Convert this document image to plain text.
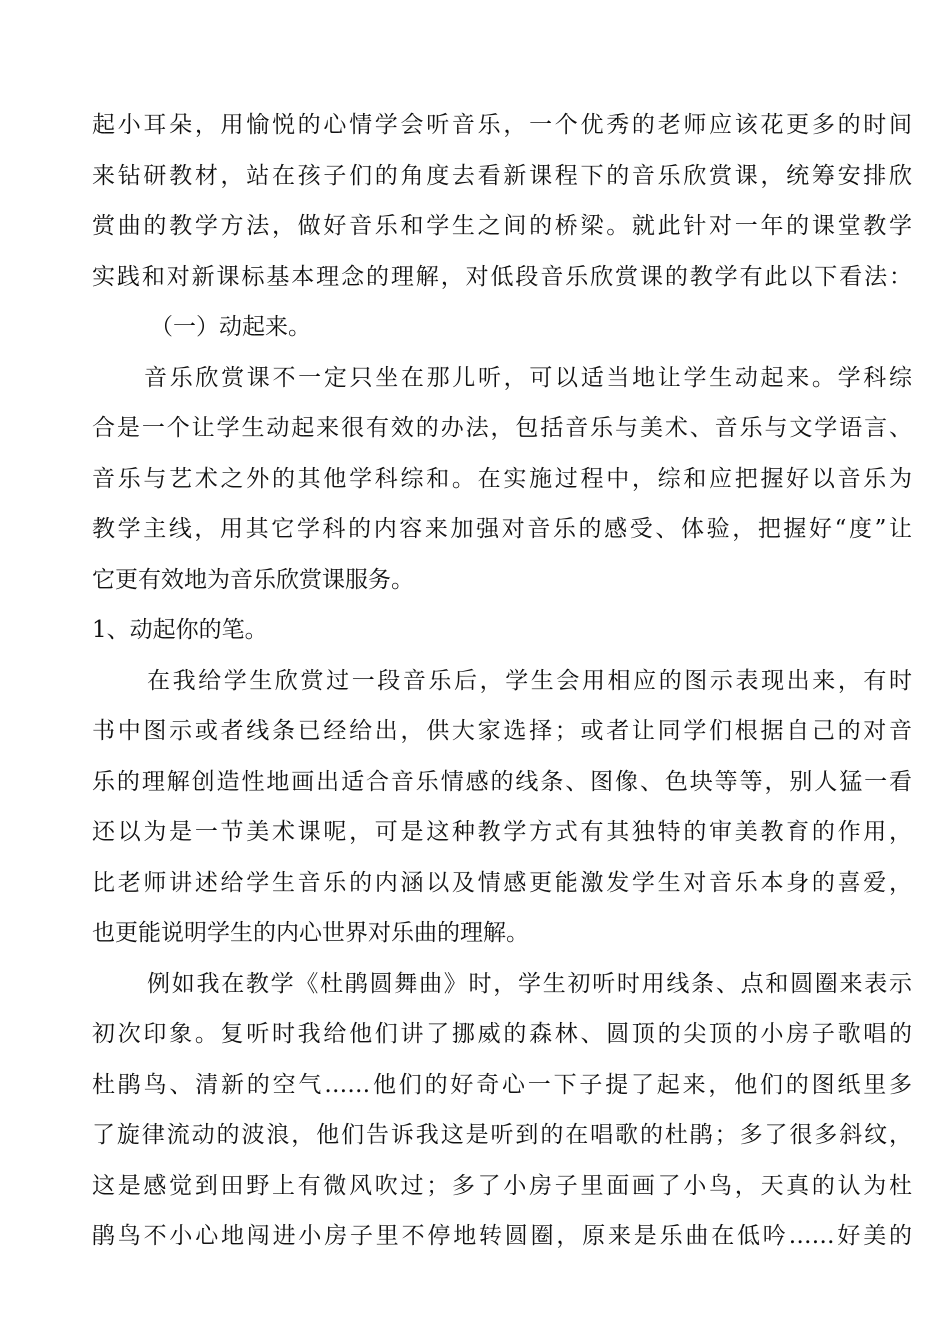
起小耳朵，用愉悦的心情学会听音乐，一个优秀的老师应该花更多的时间
来钻研教材，站在孩子们的角度去看新课程下的音乐欣赏课，统筹安排欣
赏曲的教学方法，做好音乐和学生之间的桥梁。就此针对一年的课堂教学
实践和对新课标基本理念的理解，对低段音乐欣赏课的教学有此以下看法：
（一）动起来。
音乐欣赏课不一定只坐在那儿听，可以适当地让学生动起来。学科综
合是一个让学生动起来很有效的办法，包括音乐与美术、音乐与文学语言、
音乐与艺术之外的其他学科综和。在实施过程中，综和应把握好以音乐为
教学主线，用其它学科的内容来加强对音乐的感受、体验，把握好“度”让
它更有效地为音乐欣赏课服务。
1、动起你的笔。
在我给学生欣赏过一段音乐后，学生会用相应的图示表现出来，有时
书中图示或者线条已经给出，供大家选择；或者让同学们根据自己的对音
乐的理解创造性地画出适合音乐情感的线条、图像、色块等等，别人猛一看
还以为是一节美术课呢，可是这种教学方式有其独特的审美教育的作用，
比老师讲述给学生音乐的内涵以及情感更能激发学生对音乐本身的喜爱，
也更能说明学生的内心世界对乐曲的理解。
例如我在教学《杜鹃圆舞曲》时，学生初听时用线条、点和圆圈来表示
初次印象。复听时我给他们讲了挪威的森林、圆顶的尖顶的小房子歌唱的
杜鹃鸟、清新的空气……他们的好奇心一下子提了起来，他们的图纸里多
了旋律流动的波浪，他们告诉我这是听到的在唱歌的杜鹃；多了很多斜纹，
这是感觉到田野上有微风吹过；多了小房子里面画了小鸟，天真的认为杜
鹃鸟不小心地闯进小房子里不停地转圆圈，原来是乐曲在低吟……好美的
